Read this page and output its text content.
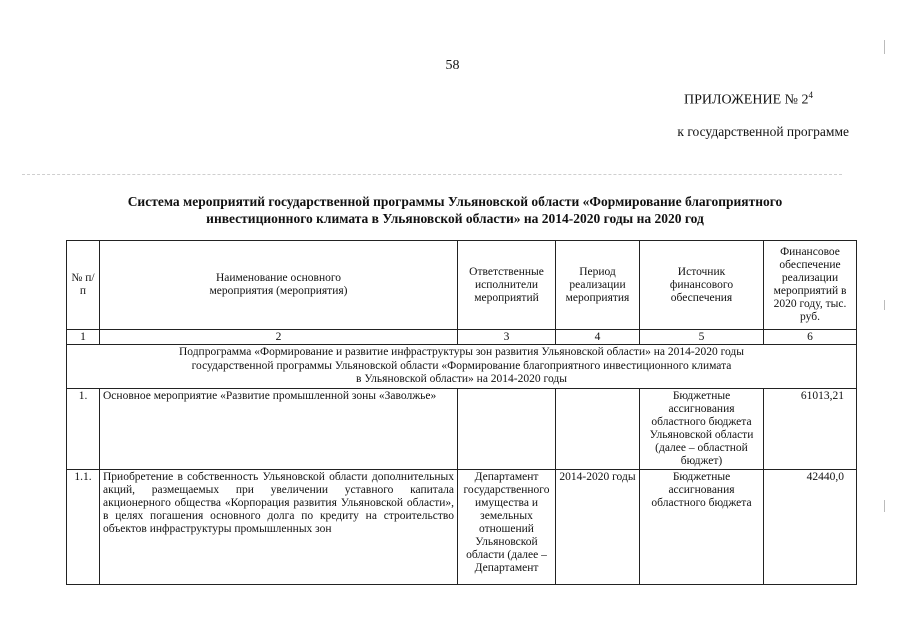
58
ПРИЛОЖЕНИЕ № $2^4$
к государственной программе
Система мероприятий государственной программы Ульяновской области «Формирование благоприятного
инвестиционного климата в Ульяновской области» на 2014-2020 годы на 2020 год
№ п/п	Наименование основного мероприятия (мероприятия)	Ответственные исполнители мероприятий	Период реализации мероприятия	Источник финансового обеспечения	Финансовое обеспечение реализации мероприятий в 2020 году, тыс. руб.
1	2	3	4	5	6

Подпрограмма «Формирование и развитие инфраструктуры зон развития Ульяновской области» на 2014-2020 годы
государственной программы Ульяновской области «Формирование благоприятного инвестиционного климата
в Ульяновской области» на 2014-2020 годы					

1.	Основное мероприятие «Развитие промышленной зоны «Заволжье»			Бюджетные ассигнования областного бюджета Ульяновской области (далее – областной бюджет)	61013,21
1.1.	Приобретение в собственность Ульяновской области дополнительных акций, размещаемых при увеличении уставного капитала акционерного общества «Корпорация развития Ульяновской области», в целях погашения основного долга по кредиту на строительство объектов инфраструктуры промышленных зон	Департамент государственного имущества и земельных отношений Ульяновской области (далее – Департамент	2014-2020 годы	Бюджетные ассигнования областного бюджета	42440,0
